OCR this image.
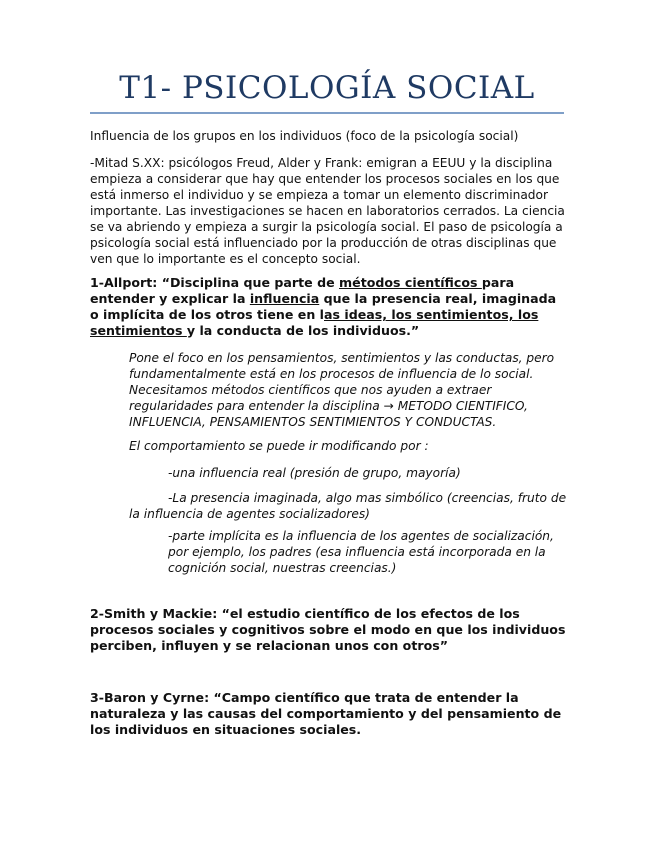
T1- PSICOLOGÍA SOCIAL

Influencia de los grupos en los individuos (foco de la psicología social)

-Mitad S.XX: psicólogos Freud, Alder y Frank: emigran a EEUU y la disciplina empieza a considerar que hay que entender los procesos sociales en los que está inmerso el individuo y se empieza a tomar un elemento discriminador importante. Las investigaciones se hacen en laboratorios cerrados. La ciencia se va abriendo y empieza a surgir la psicología social. El paso de psicología a psicología social está influenciado por la producción de otras disciplinas que ven que lo importante es el concepto social.

1-Allport: “Disciplina que parte de métodos científicos para entender y explicar la influencia que la presencia real, imaginada o implícita de los otros tiene en las ideas, los sentimientos, los sentimientos y la conducta de los individuos.”

Pone el foco en los pensamientos, sentimientos y las conductas, pero fundamentalmente está en los procesos de influencia de lo social. Necesitamos métodos científicos que nos ayuden a extraer regularidades para entender la disciplina → METODO CIENTIFICO, INFLUENCIA, PENSAMIENTOS SENTIMIENTOS Y CONDUCTAS.

El comportamiento se puede ir modificando por :

-una influencia real (presión de grupo, mayoría)

-La presencia imaginada, algo mas simbólico (creencias, fruto de la influencia de agentes socializadores)

-parte implícita es la influencia de los agentes de socialización, por ejemplo, los padres (esa influencia está incorporada en la cognición social, nuestras creencias.)

2-Smith y Mackie: “el estudio científico de los efectos de los procesos sociales y cognitivos sobre el modo en que los individuos perciben, influyen y se relacionan unos con otros”

3-Baron y Cyrne: “Campo científico que trata de entender la naturaleza y las causas del comportamiento y del pensamiento de los individuos en situaciones sociales.
